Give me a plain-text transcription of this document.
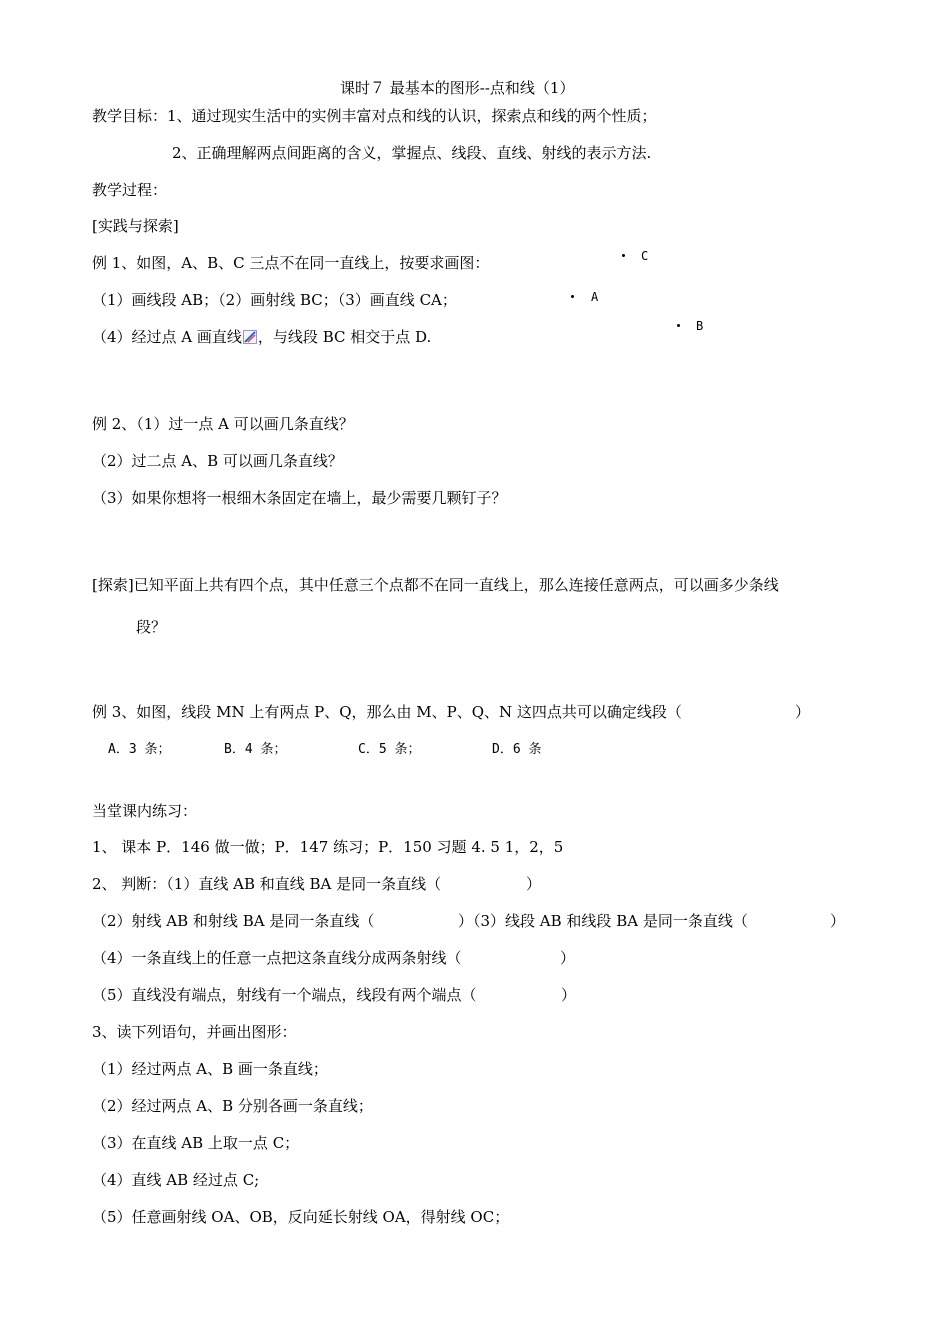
课时７ 最基本的图形--点和线（1）
教学目标：1、通过现实生活中的实例丰富对点和线的认识，探索点和线的两个性质；
2、正确理解两点间距离的含义，掌握点、线段、直线、射线的表示方法.
教学过程：
[实践与探索]
例 1、如图，A、B、C 三点不在同一直线上，按要求画图：
（1）画线段 AB；（2）画射线 BC；（3）画直线 CA；
（4）经过点 A 画直线 ，与线段 BC 相交于点 D.
C
A
B
例 2、（1）过一点 A 可以画几条直线？
（2）过二点 A、B 可以画几条直线？
（3）如果你想将一根细木条固定在墙上，最少需要几颗钉子？
[探索]已知平面上共有四个点，其中任意三个点都不在同一直线上，那么连接任意两点，可以画多少条线
段？
例 3、如图，线段 MN 上有两点 P、Q，那么由 M、P、Q、N 这四点共可以确定线段（	）
A．3 条；	B．4 条；	C．5 条；	D．6 条
当堂课内练习：
1、 课本 P．146 做一做；P．147 练习；P．150 习题 4. 5 1，2，5
2、 判断：（1）直线 AB 和直线 BA 是同一条直线（	）
（2）射线 AB 和射线 BA 是同一条直线（	）（3）线段 AB 和线段 BA 是同一条直线（	）
（4）一条直线上的任意一点把这条直线分成两条射线（	）
（5）直线没有端点，射线有一个端点，线段有两个端点（	）
3、读下列语句，并画出图形：
（1）经过两点 A、B 画一条直线；
（2）经过两点 A、B 分别各画一条直线；
（3）在直线 AB 上取一点 C；
（4）直线 AB 经过点 C;
（5）任意画射线 OA、OB，反向延长射线 OA，得射线 OC；
